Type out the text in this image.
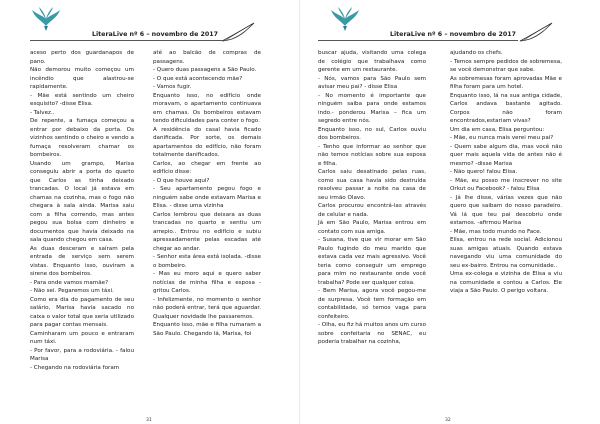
LiteraLive nº 6 – novembro de 2017

aceso perto dos guardanapos de pano.

Não demorou muito começou um incêndio que alastrou-se rapidamente.

- Mãe está sentindo um cheiro esquisito? -disse Elisa.

- Talvez..

De repente, a fumaça começou a entrar por debaixo da porta. Os vizinhos sentindo o cheiro e vendo a fumaça resolveram chamar os bombeiros.

Usando um grampo, Marisa conseguiu abrir a porta do quarto que Carlos as tinha deixado trancadas. O local já estava em chamas na cozinha, mas o fogo não chegara à sala ainda. Marisa saiu com a filha correndo, mas antes pegou sua bolsa com dinheiro e documentos que havia deixado na sala quando chegou em casa.

As duas desceram e saíram pela entrada de serviço sem serem vistas. Enquanto isso, ouviram a sirene dos bombeiros.

- Para onde vamos mamãe?

- Não sei. Pegaremos um táxi.

Como era dia do pagamento de seu salário, Marisa havia sacado no caixa o valor total que seria utilizado para pagar contas mensais.

Caminharam um pouco e entraram num táxi.

- Por favor, para a rodoviária. - falou Marisa

- Chegando na rodoviária foram

até ao balcão de compras de passagens.

- Quero duas passagens a São Paulo.

- O que está acontecendo mãe?

- Vamos fugir.

Enquanto isso, no edifício onde moravam, o apartamento continuava em chamas. Os bombeiros estavam tendo dificuldades para conter o fogo.

A residência do casal havia ficado danificada. Por sorte, os demais apartamentos do edifício, não foram totalmente danificados.

Carlos, ao chegar em frente ao edifício disse:

- O que houve aqui?

- Seu apartamento pegou fogo e ninguém sabe onde estavam Marisa e Elisa. - disse uma vizinha

Carlos lembrou que deixara as duas trancadas no quarto e sentiu um arrepio.. Entrou no edifício e subiu apressadamente pelas escadas até chegar ao andar.

- Senhor esta área está isolada. -disse o bombeiro.

- Mas eu moro aqui e quero saber notícias de minha filha e esposa -gritou Carlos.

- Infelizmente, no momento o senhor não poderá entrar, terá que aguardar. Qualquer novidade lhe passaremos.

Enquanto isso, mãe e filha rumaram a São Paulo. Chegando lá, Marisa, foi

31
LiteraLive nº 6 – novembro de 2017

buscar ajuda, visitando uma colega de colégio que trabalhava como gerente em um restaurante.

- Nós, vamos para São Paulo sem avisar meu pai? - disse Elisa

- No momento é importante que ninguém saiba para onde estamos indo.- ponderou Marisa – fica um segredo entre nós.

Enquanto isso, no sul, Carlos ouviu dos bombeiros.

- Tenho que informar ao senhor que não temos notícias sobre sua esposa e filha.

Carlos saiu desatinado pelas ruas, como sua casa havia sido destruída resolveu passar a noite na casa de seu irmão Olavo.

Carlos procurou encontrá-las através de celular e nada.

Já em São Paulo, Marisa entrou em contato com sua amiga.

- Susana, tive que vir morar em São Paulo fugindo do meu marido que estava cada vez mais agressivo. Você teria como conseguir um emprego para mim no restaurante onde você trabalha? Pode ser qualquer coisa.

- Bem Marisa, agora você pegou-me de surpresa. Você tem formação em contabilidade, só temos vaga para confeiteiro.

- Olha, eu fiz há muitos anos um curso sobre confeitaria no SENAC, eu poderia trabalhar na cozinha,

ajudando os chefs.

- Temos sempre pedidos de sobremesa, se você demonstrar que sabe.

As sobremesas foram aprovadas Mãe e filha foram para um hotel.

Enquanto isso, lá na sua antiga cidade, Carlos andava bastante agitado. Corpos não foram encontrados,estariam vivas?

Um dia em casa, Elisa perguntou:

- Mãe, eu nunca mais verei meu pai?

- Quem sabe algum dia, mas você não quer mais aquela vida de antes não é mesmo? -disse Marisa

- Não quero! falou Elisa.

- Mãe, eu posso me inscrever no site Orkut ou Facebook? - falou Elisa

- Já lhe disse, várias vezes que não quero que saibam do nosso paradeiro. Vá lá que teu pai descobriu onde estamos. -afirmou Marisa

- Mãe, mas todo mundo no Face.

Elisa, entrou na rede social. Adicionou suas amigas atuais. Quando estava navegando viu uma comunidade do seu ex-bairro. Entrou na comunidade..

Uma ex-colega e vizinha de Elisa a viu na comunidade e contou a Carlos. Ele viaja a São Paulo. O perigo voltara.

32
